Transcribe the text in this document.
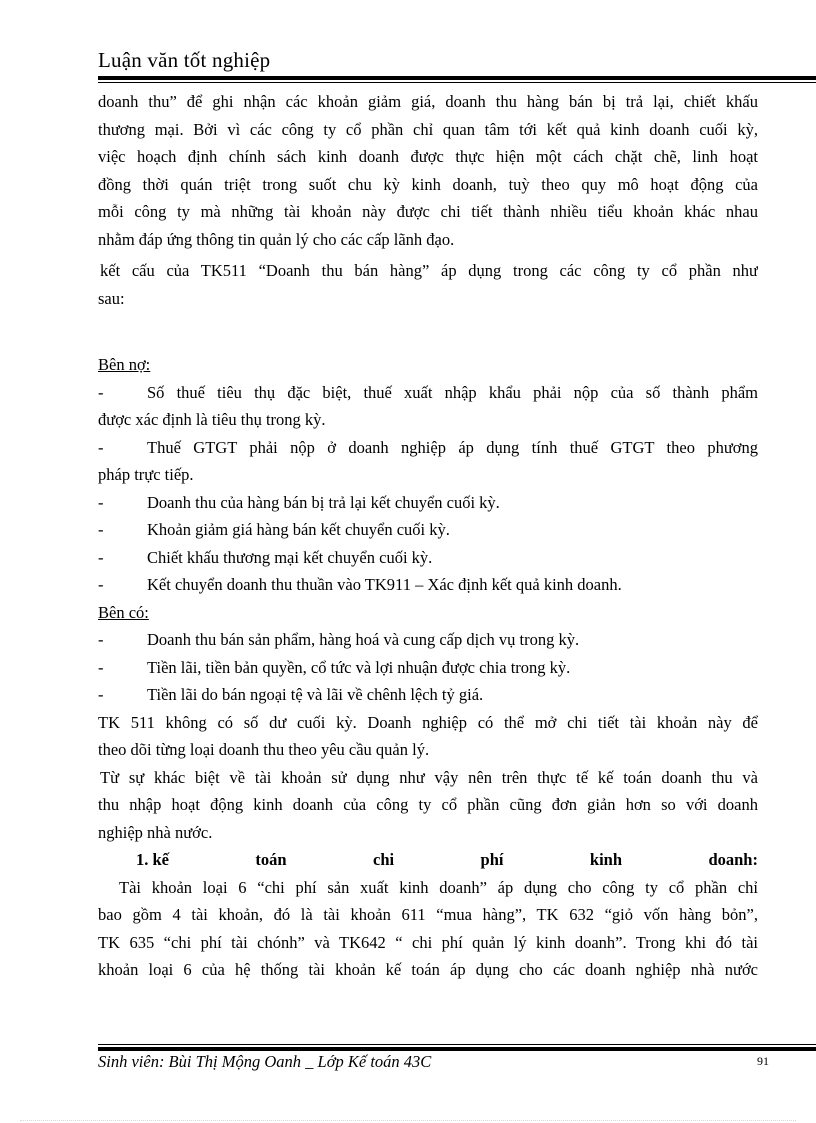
Luận văn tốt nghiệp
doanh thu” để ghi nhận các khoản giảm giá, doanh thu hàng bán bị trả lại, chiết khấu
thương mại. Bởi vì các công ty cổ phần chỉ quan tâm tới kết quả kinh doanh cuối kỳ,
việc hoạch định chính sách kinh doanh được thực hiện một cách chặt chẽ, linh hoạt
đồng thời quán triệt trong suốt chu kỳ kinh doanh, tuỳ theo quy mô hoạt động của
mỗi công ty mà những tài khoản này được chi tiết thành nhiều tiểu khoản khác nhau
nhằm đáp ứng thông tin quản lý cho các cấp lãnh đạo.
kết cấu của TK511 “Doanh thu bán hàng” áp dụng trong các công ty cổ phần như
sau:
Bên nợ:
-	Số thuế tiêu thụ đặc biệt, thuế xuất nhập khẩu phải nộp của số thành phẩm
được xác định là tiêu thụ trong kỳ.
-	Thuế GTGT phải nộp ở doanh nghiệp áp dụng tính thuế GTGT theo phương
pháp trực tiếp.
-	Doanh thu của hàng bán bị trả lại kết chuyển cuối kỳ.
-	Khoản giảm giá hàng bán kết chuyển cuối kỳ.
-	Chiết khấu thương mại kết chuyển cuối kỳ.
-	Kết chuyển doanh thu thuần vào TK911 – Xác định kết quả kinh doanh.
Bên có:
-	Doanh thu bán sản phẩm, hàng hoá và cung cấp dịch vụ trong kỳ.
-	Tiền lãi, tiền bản quyền, cổ tức và lợi nhuận được chia trong kỳ.
-	Tiền lãi do bán ngoại tệ và lãi về chênh lệch tỷ giá.
TK 511 không có số dư cuối kỳ. Doanh nghiệp có thể mở chi tiết tài khoản này để
theo dõi từng loại doanh thu theo yêu cầu quản lý.
Từ sự khác biệt về tài khoản sử dụng như vậy nên trên thực tế kế toán doanh thu và
thu nhập hoạt động kinh doanh của công ty cổ phần cũng đơn giản hơn so với doanh
nghiệp nhà nước.
1. kế	toán	chi	phí	kinh	doanh:
Tài khoản loại 6 “chi phí sản xuất kinh doanh” áp dụng cho công ty cổ phần chỉ
bao gồm 4 tài khoản, đó là tài khoản 611 “mua hàng”, TK 632 “giỏ vốn hàng bỏn”,
TK 635 “chi phí tài chónh” và TK642 “ chi phí quản lý kinh doanh”. Trong khi đó tài
khoản loại 6 của hệ thống tài khoản kế toán áp dụng cho các doanh nghiệp nhà nước
Sinh viên: Bùi Thị Mộng Oanh _ Lớp Kế toán 43C	91
